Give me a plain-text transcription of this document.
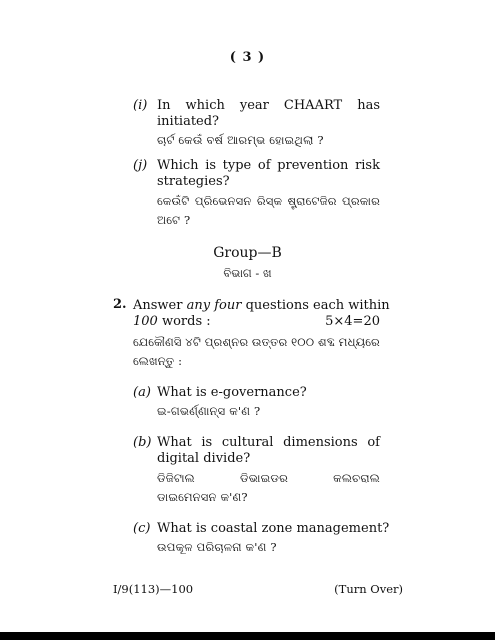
( 3 )
(i) In which year CHAART has
initiated?
ଚାର୍ଟ କେଉଁ ବର୍ଷ ଆରମ୍ଭ ହୋଇଥିଲା ?
(j) Which is type of prevention risk
strategies?
କେଉଁଟି ପ୍ରିଭେନସନ ରିସ୍କ ଷ୍ଟ୍ରାଟେଜିର ପ୍ରକାର
ଅଟେ ?
Group—B
ବିଭାଗ - ଖ
2. Answer any four questions each within
100 words :	5×4=20
ଯେକୌଣସି ୪ଟି ପ୍ରଶ୍ନର ଉତ୍ତର ୧୦୦ ଶବ୍ଦ ମଧ୍ୟରେ
ଲେଖନ୍ତୁ :
(a) What is e-governance?
ଇ-ଗଭର୍ଣ୍ଣାନ୍ସ କ'ଣ ?
(b) What is cultural dimensions of
digital divide?
ଡିଜିଟାଲ	ଡିଭାଇଡର	କଲଚରାଲ
ଡାଇମେନସନ କ'ଣ?
(c) What is coastal zone management?
ଉପକୂଳ ପରିଚାଳନା କ'ଣ ?
I/9(113)—100	(Turn Over)
